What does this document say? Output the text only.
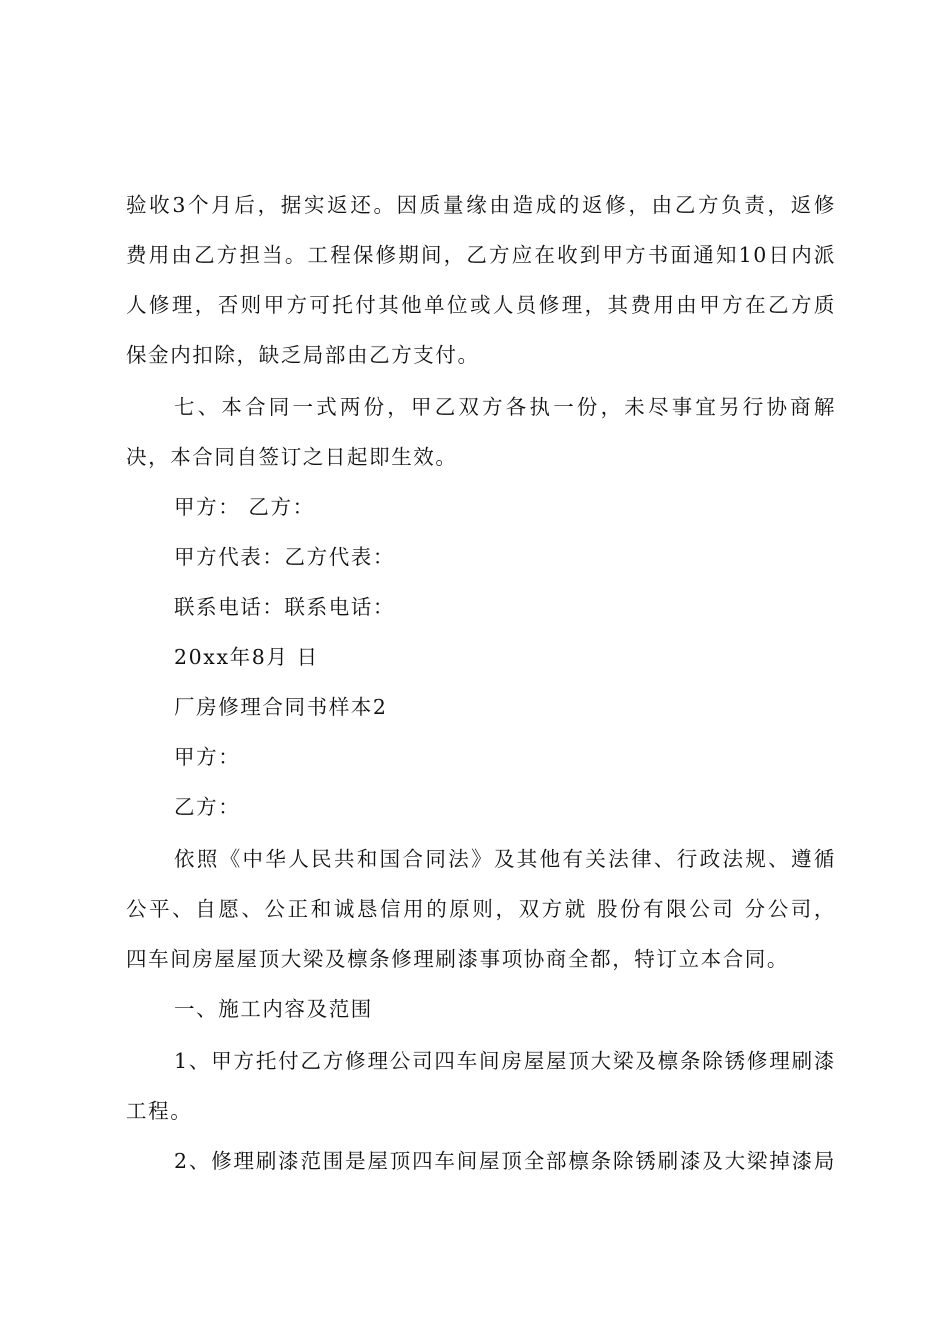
验收3个月后，据实返还。因质量缘由造成的返修，由乙方负责，返修
费用由乙方担当。工程保修期间，乙方应在收到甲方书面通知10日内派
人修理，否则甲方可托付其他单位或人员修理，其费用由甲方在乙方质
保金内扣除，缺乏局部由乙方支付。
七、本合同一式两份，甲乙双方各执一份，未尽事宜另行协商解
决，本合同自签订之日起即生效。
甲方： 乙方：
甲方代表：乙方代表：
联系电话：联系电话：
20xx年8月 日
厂房修理合同书样本2
甲方：
乙方：
依照《中华人民共和国合同法》及其他有关法律、行政法规、遵循
公平、自愿、公正和诚恳信用的原则，双方就 股份有限公司 分公司，
四车间房屋屋顶大梁及檩条修理刷漆事项协商全都，特订立本合同。
一、施工内容及范围
1、甲方托付乙方修理公司四车间房屋屋顶大梁及檩条除锈修理刷漆
工程。
2、修理刷漆范围是屋顶四车间屋顶全部檩条除锈刷漆及大梁掉漆局
